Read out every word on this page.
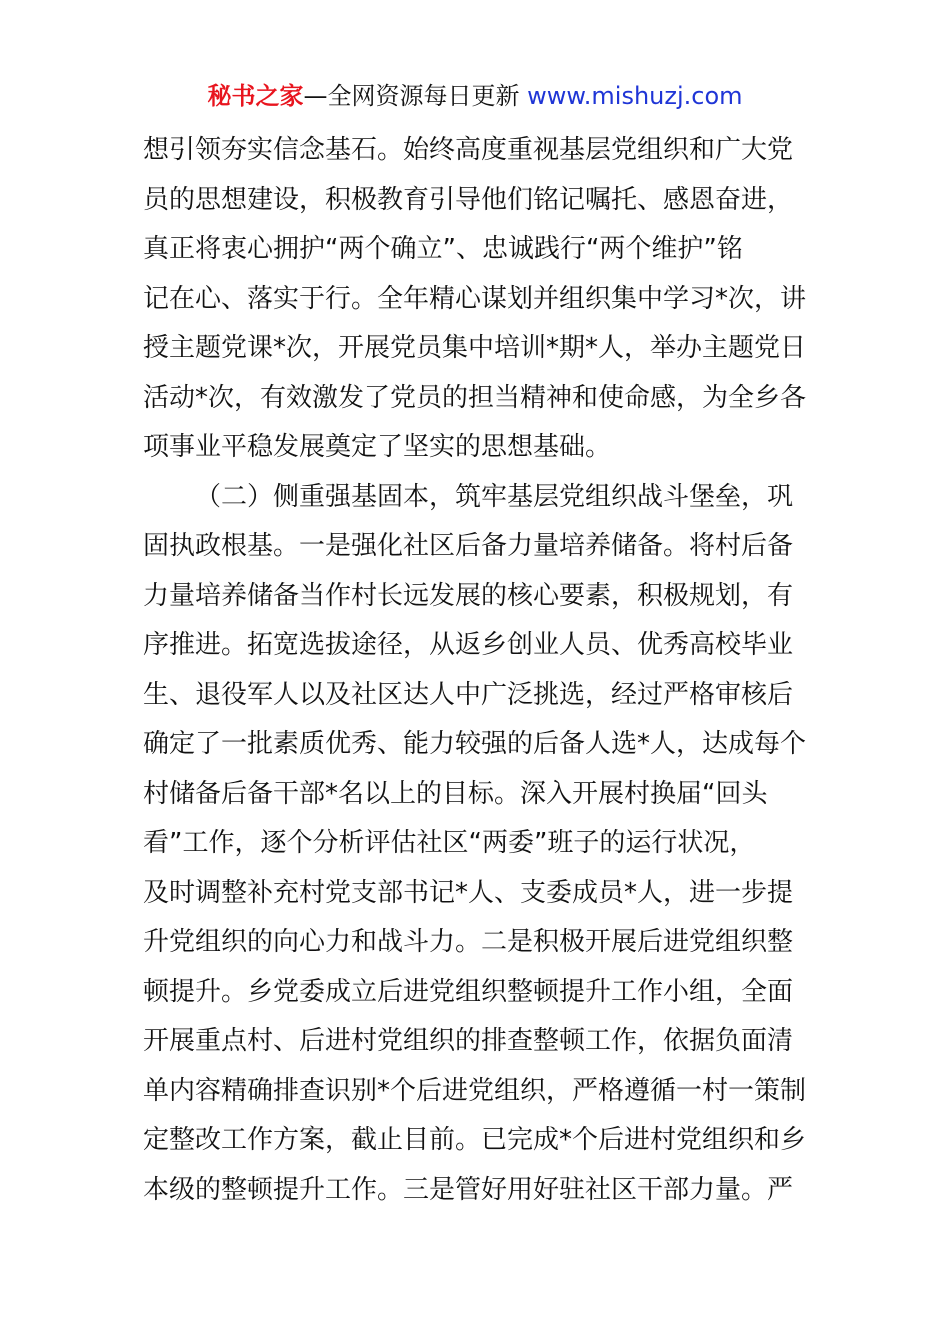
秘书之家—全网资源每日更新 www.mishuzj.com
想引领夯实信念基石。始终高度重视基层党组织和广大党
员的思想建设，积极教育引导他们铭记嘱托、感恩奋进，
真正将衷心拥护“两个确立”、忠诚践行“两个维护”铭
记在心、落实于行。全年精心谋划并组织集中学习*次，讲
授主题党课*次，开展党员集中培训*期*人，举办主题党日
活动*次，有效激发了党员的担当精神和使命感，为全乡各
项事业平稳发展奠定了坚实的思想基础。
（二）侧重强基固本，筑牢基层党组织战斗堡垒，巩
固执政根基。一是强化社区后备力量培养储备。将村后备
力量培养储备当作村长远发展的核心要素，积极规划，有
序推进。拓宽选拔途径，从返乡创业人员、优秀高校毕业
生、退役军人以及社区达人中广泛挑选，经过严格审核后
确定了一批素质优秀、能力较强的后备人选*人，达成每个
村储备后备干部*名以上的目标。深入开展村换届“回头
看”工作，逐个分析评估社区“两委”班子的运行状况，
及时调整补充村党支部书记*人、支委成员*人，进一步提
升党组织的向心力和战斗力。二是积极开展后进党组织整
顿提升。乡党委成立后进党组织整顿提升工作小组，全面
开展重点村、后进村党组织的排查整顿工作，依据负面清
单内容精确排查识别*个后进党组织，严格遵循一村一策制
定整改工作方案，截止目前。已完成*个后进村党组织和乡
本级的整顿提升工作。三是管好用好驻社区干部力量。严
